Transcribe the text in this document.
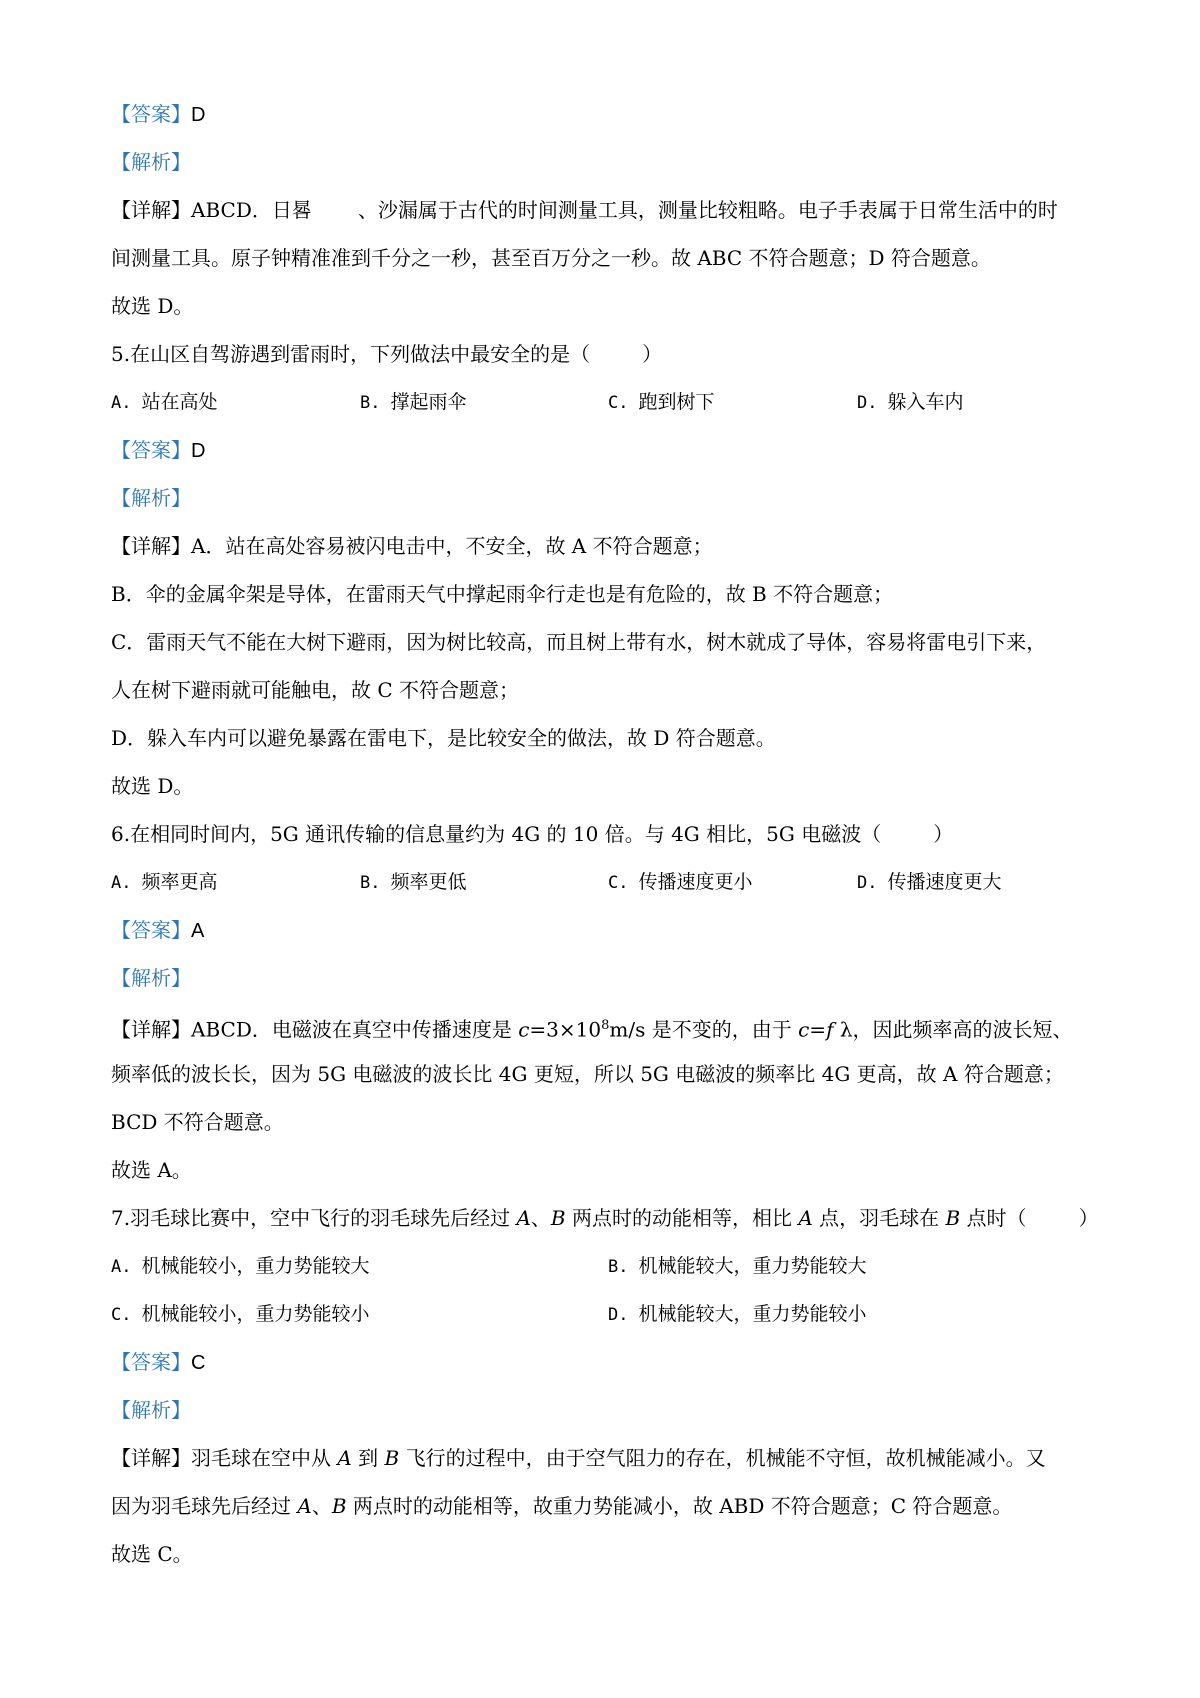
【答案】D
【解析】
【详解】ABCD．日晷 、沙漏属于古代的时间测量工具，测量比较粗略。电子手表属于日常生活中的时
间测量工具。原子钟精准准到千分之一秒，甚至百万分之一秒。故 ABC 不符合题意；D 符合题意。
故选 D。
5.在山区自驾游遇到雷雨时，下列做法中最安全的是（	）
A. 站在高处	B. 撑起雨伞	C. 跑到树下	D. 躲入车内
【答案】D
【解析】
【详解】A．站在高处容易被闪电击中，不安全，故 A 不符合题意；
B．伞的金属伞架是导体，在雷雨天气中撑起雨伞行走也是有危险的，故 B 不符合题意；
C．雷雨天气不能在大树下避雨，因为树比较高，而且树上带有水，树木就成了导体，容易将雷电引下来，
人在树下避雨就可能触电，故 C 不符合题意；
D．躲入车内可以避免暴露在雷电下，是比较安全的做法，故 D 符合题意。
故选 D。
6.在相同时间内，5G 通讯传输的信息量约为 4G 的 10 倍。与 4G 相比，5G 电磁波（	）
A. 频率更高	B. 频率更低	C. 传播速度更小	D. 传播速度更大
【答案】A
【解析】
【详解】ABCD．电磁波在真空中传播速度是 $c=3\times 10^8m/s$ 是不变的，由于 c=f λ，因此频率高的波长短、
频率低的波长长，因为 5G 电磁波的波长比 4G 更短，所以 5G 电磁波的频率比 4G 更高，故 A 符合题意；
BCD 不符合题意。
故选 A。
7.羽毛球比赛中，空中飞行的羽毛球先后经过 A、B 两点时的动能相等，相比 A 点，羽毛球在 B 点时（	）
A. 机械能较小，重力势能较大	B. 机械能较大，重力势能较大
C. 机械能较小，重力势能较小	D. 机械能较大，重力势能较小
【答案】C
【解析】
【详解】羽毛球在空中从 A 到 B 飞行的过程中，由于空气阻力的存在，机械能不守恒，故机械能减小。又
因为羽毛球先后经过 A、B 两点时的动能相等，故重力势能减小，故 ABD 不符合题意；C 符合题意。
故选 C。
